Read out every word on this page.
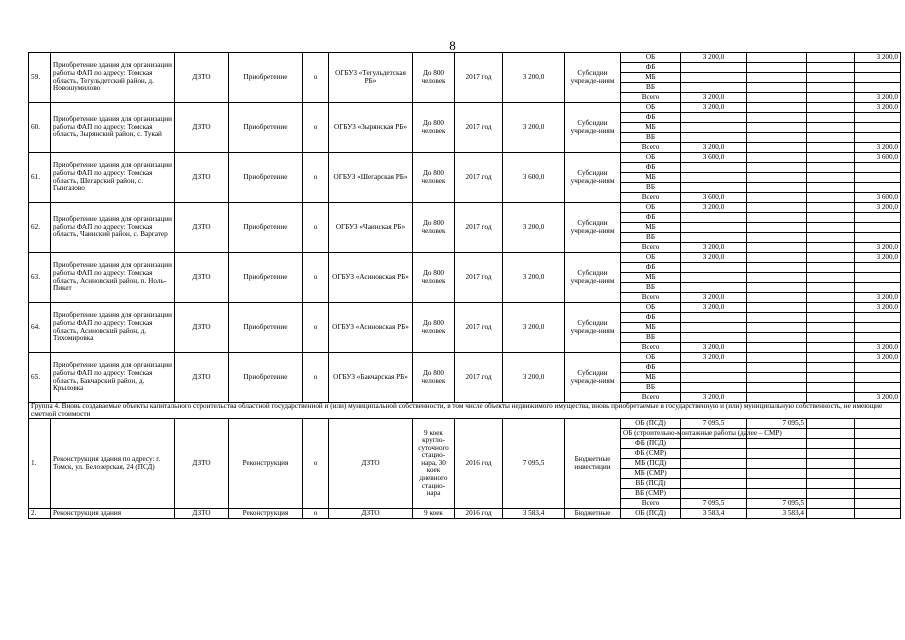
8
59.	Приобретение здания для организации работы ФАП по адресу: Томская область, Тегульдетский район, д. Новошумилово	ДЗТО	Приобретение	о	ОГБУЗ «Тегульдетская РБ»	До 800 человек	2017 год	3 200,0	Субсидии учрежде-ниям	ОБ	3 200,0			3 200,0
										ФБ				
										МБ				
										ВБ				
										Всего	3 200,0			3 200,0
60.	Приобретение здания для организации работы ФАП по адресу: Томская область, Зырянский район, с. Тукай	ДЗТО	Приобретение	о	ОГБУЗ «Зырянская РБ»	До 800 человек	2017 год	3 200,0	Субсидии учрежде-ниям	ОБ	3 200,0			3 200,0
										ФБ				
										МБ				
										ВБ				
										Всего	3 200,0			3 200,0
61.	Приобретение здания для организации работы ФАП по адресу: Томская область, Шегарский район, с. Гынгазово	ДЗТО	Приобретение	о	ОГБУЗ «Шегарская РБ»	До 800 человек	2017 год	3 600,0	Субсидии учрежде-ниям	ОБ	3 600,0			3 600,0
										ФБ				
										МБ				
										ВБ				
										Всего	3 600,0			3 600,0
62.	Приобретение здания для организации работы ФАП по адресу: Томская область, Чаинский район, с. Варгатер	ДЗТО	Приобретение	о	ОГБУЗ «Чаинская РБ»	До 800 человек	2017 год	3 200,0	Субсидии учрежде-ниям	ОБ	3 200,0			3 200,0
										ФБ				
										МБ				
										ВБ				
										Всего	3 200,0			3 200,0
63.	Приобретение здания для организации работы ФАП по адресу: Томская область, Асиновский район, п. Ноль-Пикет	ДЗТО	Приобретение	о	ОГБУЗ «Асиновская РБ»	До 800 человек	2017 год	3 200,0	Субсидии учрежде-ниям	ОБ	3 200,0			3 200,0
										ФБ				
										МБ				
										ВБ				
										Всего	3 200,0			3 200,0
64.	Приобретение здания для организации работы ФАП по адресу: Томская область, Асиновский район, д. Тихомировка	ДЗТО	Приобретение	о	ОГБУЗ «Асиновская РБ»	До 800 человек	2017 год	3 200,0	Субсидии учрежде-ниям	ОБ	3 200,0			3 200,0
										ФБ				
										МБ				
										ВБ				
										Всего	3 200,0			3 200,0
65.	Приобретение здания для организации работы ФАП по адресу: Томская область, Бакчарский район, д. Крыловка	ДЗТО	Приобретение	о	ОГБУЗ «Бакчарская РБ»	До 800 человек	2017 год	3 200,0	Субсидии учрежде-ниям	ОБ	3 200,0			3 200,0
										ФБ				
										МБ				
										ВБ				
										Всего	3 200,0			3 200,0
Группа 4. Вновь создаваемые объекты капитального строительства областной государственной и (или) муниципальной собственности, в том числе объекты недвижимого имущества, вновь приобретаемые в государственную и (или) муниципальную собственность, не имеющие сметной стоимости														
1.	Реконструкция здания по адресу: г. Томск, ул. Белозерская, 24 (ПСД)	ДЗТО	Реконструкция	о	ДЗТО	9 коек кругло-суточного стацио-нара, 30 коек дневного стацио-нара	2016 год	7 095,5	Бюджетные инвестиции	ОБ (ПСД)	7 095,5	7 095,5		
										ОБ (строительно-монтажные работы (далее – СМР)				
										ФБ (ПСД)				
										ФБ (СМР)				
										МБ (ПСД)				
										МБ (СМР)				
										ВБ (ПСД)				
										ВБ (СМР)				
										Всего	7 095,5	7 095,5		
2.	Реконструкция здания	ДЗТО	Реконструкция	о	ДЗТО	9 коек	2016 год	3 583,4	Бюджетные	ОБ (ПСД)	3 583,4	3 583,4		
